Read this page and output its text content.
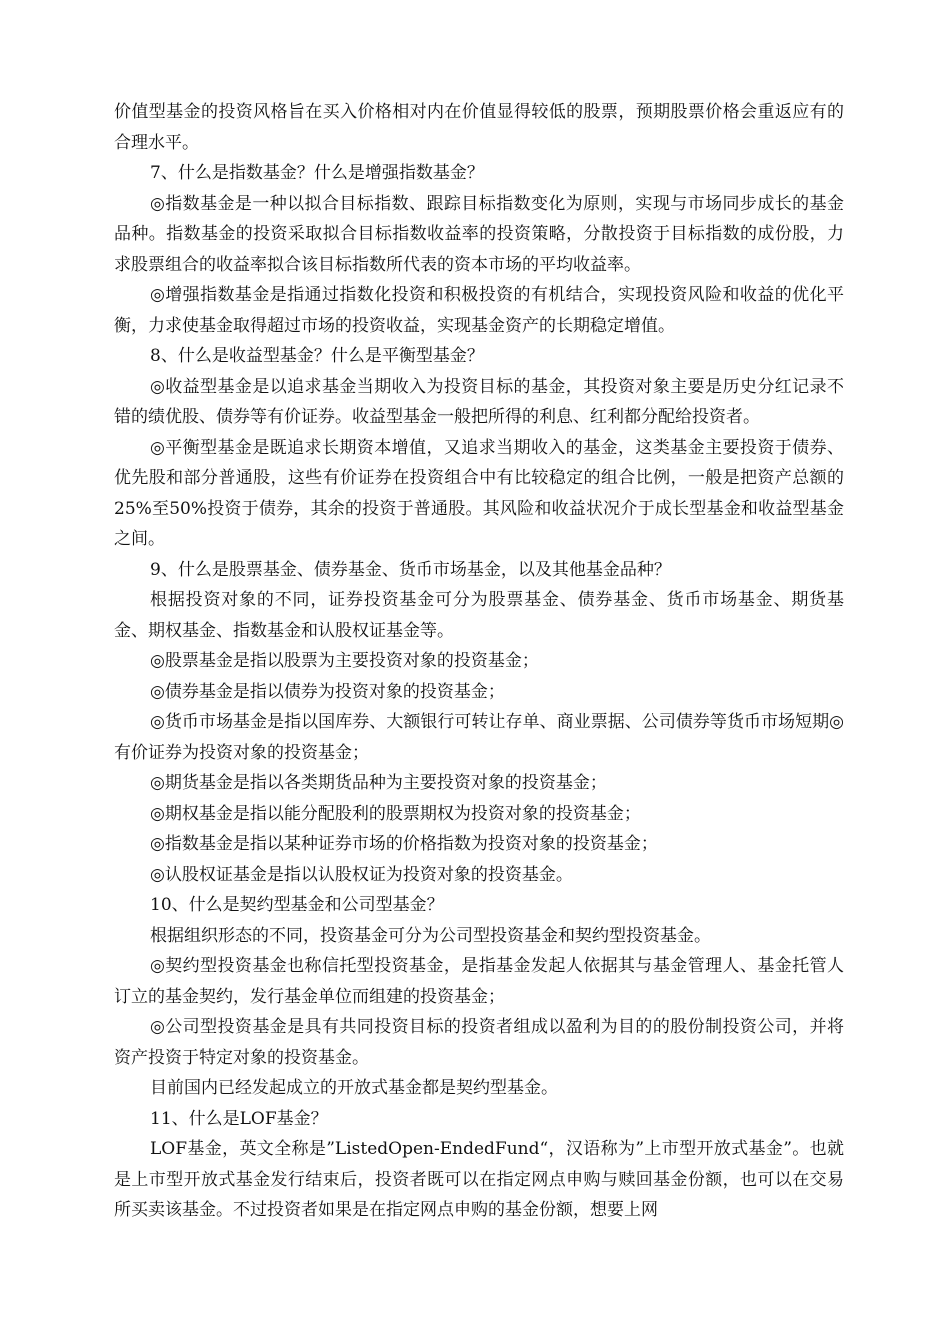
价值型基金的投资风格旨在买入价格相对内在价值显得较低的股票，预期股票价格会重返应有的合理水平。

7、什么是指数基金？什么是增强指数基金？

◎指数基金是一种以拟合目标指数、跟踪目标指数变化为原则，实现与市场同步成长的基金品种。指数基金的投资采取拟合目标指数收益率的投资策略，分散投资于目标指数的成份股，力求股票组合的收益率拟合该目标指数所代表的资本市场的平均收益率。

◎增强指数基金是指通过指数化投资和积极投资的有机结合，实现投资风险和收益的优化平衡，力求使基金取得超过市场的投资收益，实现基金资产的长期稳定增值。

8、什么是收益型基金？什么是平衡型基金？

◎收益型基金是以追求基金当期收入为投资目标的基金，其投资对象主要是历史分红记录不错的绩优股、债券等有价证券。收益型基金一般把所得的利息、红利都分配给投资者。

◎平衡型基金是既追求长期资本增值，又追求当期收入的基金，这类基金主要投资于债券、优先股和部分普通股，这些有价证券在投资组合中有比较稳定的组合比例，一般是把资产总额的25%至50%投资于债券，其余的投资于普通股。其风险和收益状况介于成长型基金和收益型基金之间。

9、什么是股票基金、债券基金、货币市场基金，以及其他基金品种？

根据投资对象的不同，证券投资基金可分为股票基金、债券基金、货币市场基金、期货基金、期权基金、指数基金和认股权证基金等。

◎股票基金是指以股票为主要投资对象的投资基金；

◎债券基金是指以债券为投资对象的投资基金；

◎货币市场基金是指以国库券、大额银行可转让存单、商业票据、公司债券等货币市场短期◎有价证券为投资对象的投资基金；

◎期货基金是指以各类期货品种为主要投资对象的投资基金；

◎期权基金是指以能分配股利的股票期权为投资对象的投资基金；

◎指数基金是指以某种证券市场的价格指数为投资对象的投资基金；

◎认股权证基金是指以认股权证为投资对象的投资基金。

10、什么是契约型基金和公司型基金？

根据组织形态的不同，投资基金可分为公司型投资基金和契约型投资基金。

◎契约型投资基金也称信托型投资基金，是指基金发起人依据其与基金管理人、基金托管人订立的基金契约，发行基金单位而组建的投资基金；

◎公司型投资基金是具有共同投资目标的投资者组成以盈利为目的的股份制投资公司，并将资产投资于特定对象的投资基金。

目前国内已经发起成立的开放式基金都是契约型基金。

11、什么是LOF基金？

LOF基金，英文全称是”ListedOpen-EndedFund“，汉语称为”上市型开放式基金”。也就是上市型开放式基金发行结束后，投资者既可以在指定网点申购与赎回基金份额，也可以在交易所买卖该基金。不过投资者如果是在指定网点申购的基金份额，想要上网
